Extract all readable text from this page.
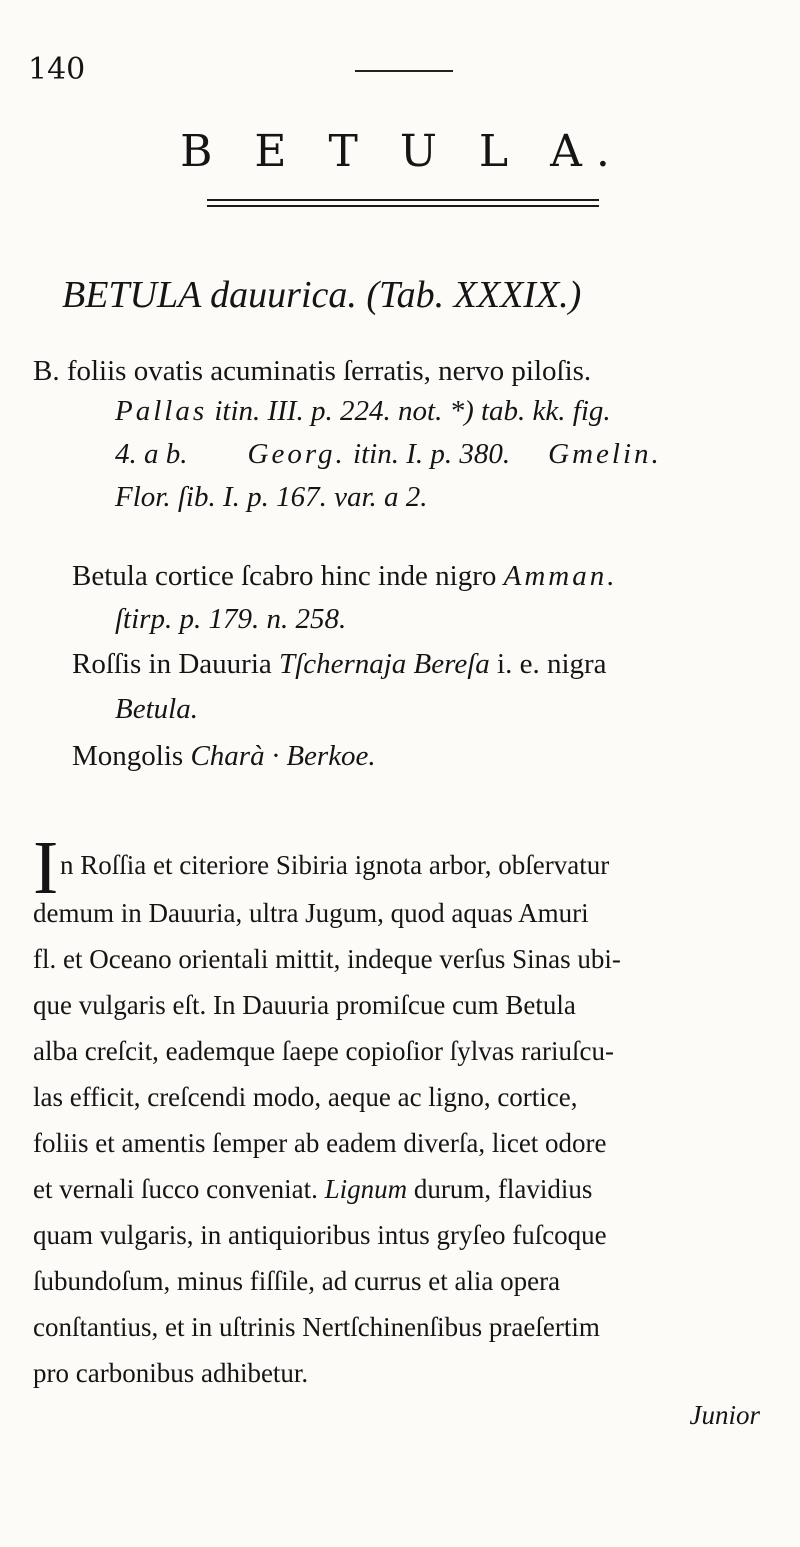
140
B E T U L A.
BETULA dauurica. (Tab. XXXIX.)
B. foliis ovatis acuminatis ſerratis, nervo piloſis.
Pallas itin. III. p. 224. not. *) tab. kk. fig.
4. a b. Georg. itin. I. p. 380. Gmelin.
Flor. ſib. I. p. 167. var. a 2.
Betula cortice ſcabro hinc inde nigro Amman.
ſtirp. p. 179. n. 258.
Roſſis in Dauuria Tſchernaja Bereſa i. e. nigra
Betula.
Mongolis Charà · Berkoe.
I n Roſſia et citeriore Sibiria ignota arbor, obſervatur
demum in Dauuria, ultra Jugum, quod aquas Amuri
fl. et Oceano orientali mittit, indeque verſus Sinas ubi-
que vulgaris eſt. In Dauuria promiſcue cum Betula
alba creſcit, eademque ſaepe copioſior ſylvas rariuſcu-
las efficit, creſcendi modo, aeque ac ligno, cortice,
foliis et amentis ſemper ab eadem diverſa, licet odore
et vernali ſucco conveniat. Lignum durum, flavidius
quam vulgaris, in antiquioribus intus gryſeo fuſcoque
ſubundoſum, minus fiſſile, ad currus et alia opera
conſtantius, et in uſtrinis Nertſchinenſibus praeſertim
pro carbonibus adhibetur.
Junior
